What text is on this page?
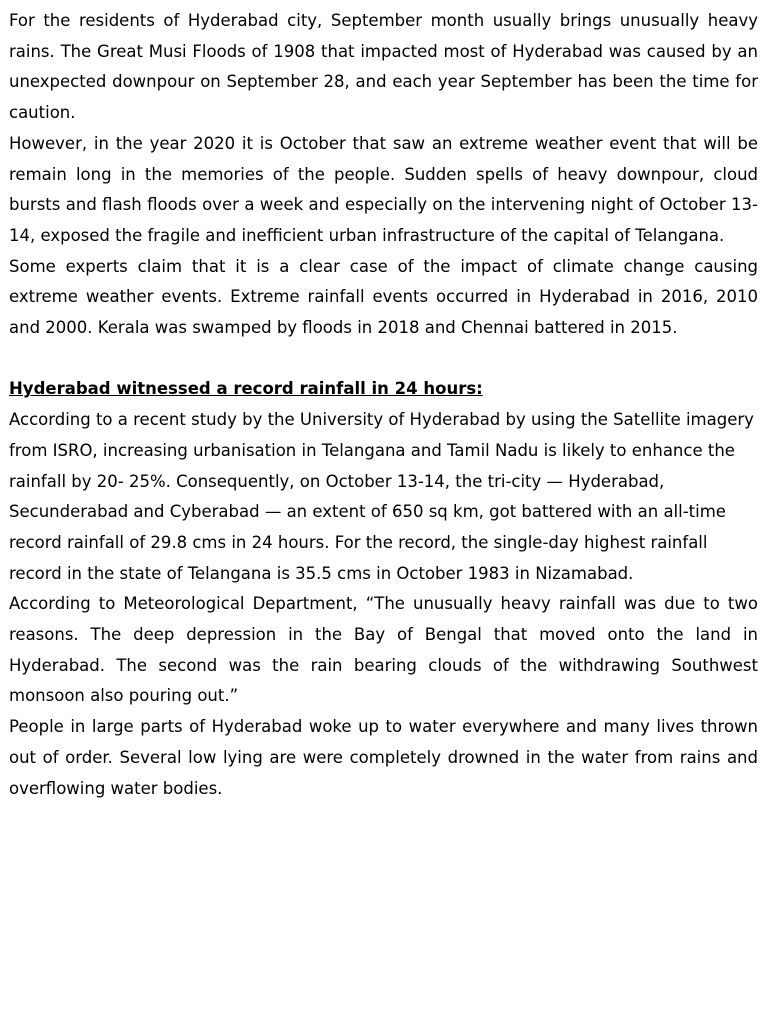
For the residents of Hyderabad city, September month usually brings unusually heavy rains. The Great Musi Floods of 1908 that impacted most of Hyderabad was caused by an unexpected downpour on September 28, and each year September has been the time for caution.

However, in the year 2020 it is October that saw an extreme weather event that will be remain long in the memories of the people. Sudden spells of heavy downpour, cloud bursts and flash floods over a week and especially on the intervening night of October 13-14, exposed the fragile and inefficient urban infrastructure of the capital of Telangana.

Some experts claim that it is a clear case of the impact of climate change causing extreme weather events. Extreme rainfall events occurred in Hyderabad in 2016, 2010 and 2000. Kerala was swamped by floods in 2018 and Chennai battered in 2015.

Hyderabad witnessed a record rainfall in 24 hours:

According to a recent study by the University of Hyderabad by using the Satellite imagery from ISRO, increasing urbanisation in Telangana and Tamil Nadu is likely to enhance the rainfall by 20- 25%. Consequently, on October 13-14, the tri-city — Hyderabad, Secunderabad and Cyberabad — an extent of 650 sq km, got battered with an all-time record rainfall of 29.8 cms in 24 hours. For the record, the single-day highest rainfall record in the state of Telangana is 35.5 cms in October 1983 in Nizamabad.

According to Meteorological Department, “The unusually heavy rainfall was due to two reasons. The deep depression in the Bay of Bengal that moved onto the land in Hyderabad. The second was the rain bearing clouds of the withdrawing Southwest monsoon also pouring out.”

People in large parts of Hyderabad woke up to water everywhere and many lives thrown out of order. Several low lying are were completely drowned in the water from rains and overflowing water bodies.
